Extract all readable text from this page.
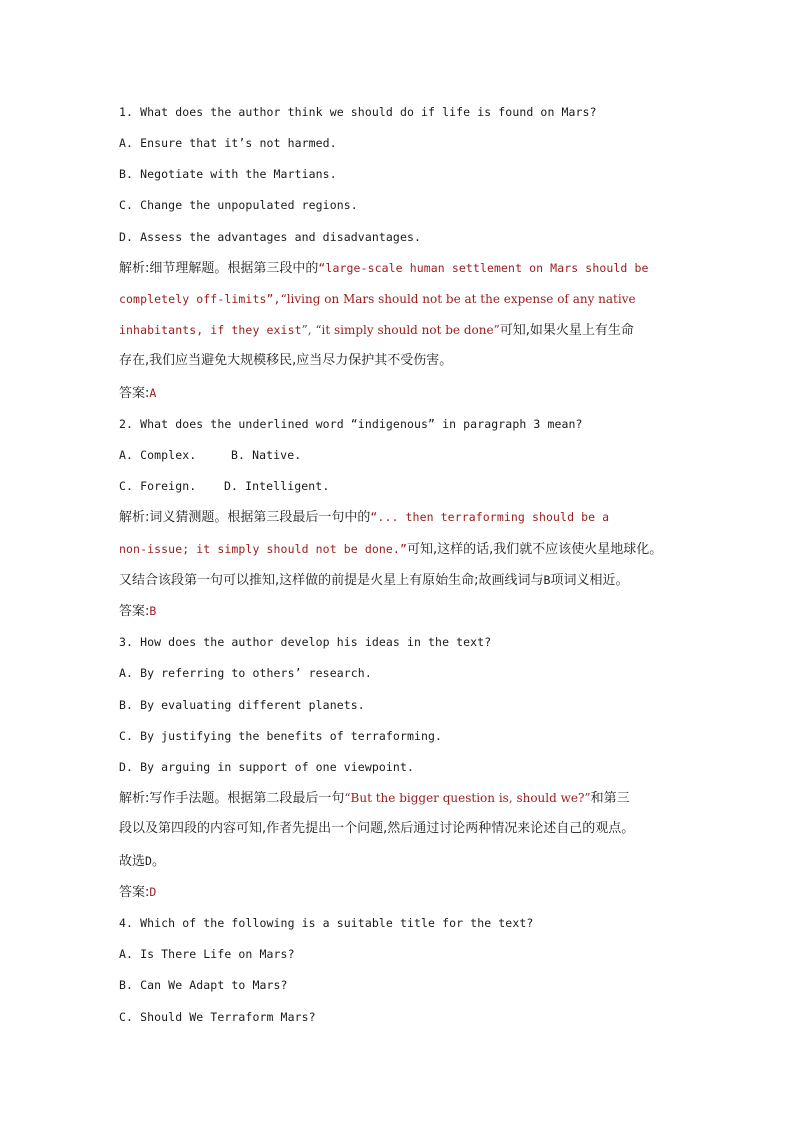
1. What does the author think we should do if life is found on Mars?
A. Ensure that it’s not harmed.
B. Negotiate with the Martians.
C. Change the unpopulated regions.
D. Assess the advantages and disadvantages.
解析:细节理解题。根据第三段中的“large-scale human settlement on Mars should be
completely off-limits”,“living on Mars should not be at the expense of any native
inhabitants, if they exist”, “it simply should not be done”可知,如果火星上有生命
存在,我们应当避免大规模移民,应当尽力保护其不受伤害。
答案:A
2. What does the underlined word “indigenous” in paragraph 3 mean?
A. Complex.	B. Native.
C. Foreign. D. Intelligent.
解析:词义猜测题。根据第三段最后一句中的“... then terraforming should be a
non-issue; it simply should not be done.”可知,这样的话,我们就不应该使火星地球化。
又结合该段第一句可以推知,这样做的前提是火星上有原始生命;故画线词与B项词义相近。
答案:B
3. How does the author develop his ideas in the text?
A. By referring to others’ research.
B. By evaluating different planets.
C. By justifying the benefits of terraforming.
D. By arguing in support of one viewpoint.
解析:写作手法题。根据第二段最后一句“But the bigger question is, should we?”和第三
段以及第四段的内容可知,作者先提出一个问题,然后通过讨论两种情况来论述自己的观点。
故选D。
答案:D
4. Which of the following is a suitable title for the text?
A. Is There Life on Mars?
B. Can We Adapt to Mars?
C. Should We Terraform Mars?
